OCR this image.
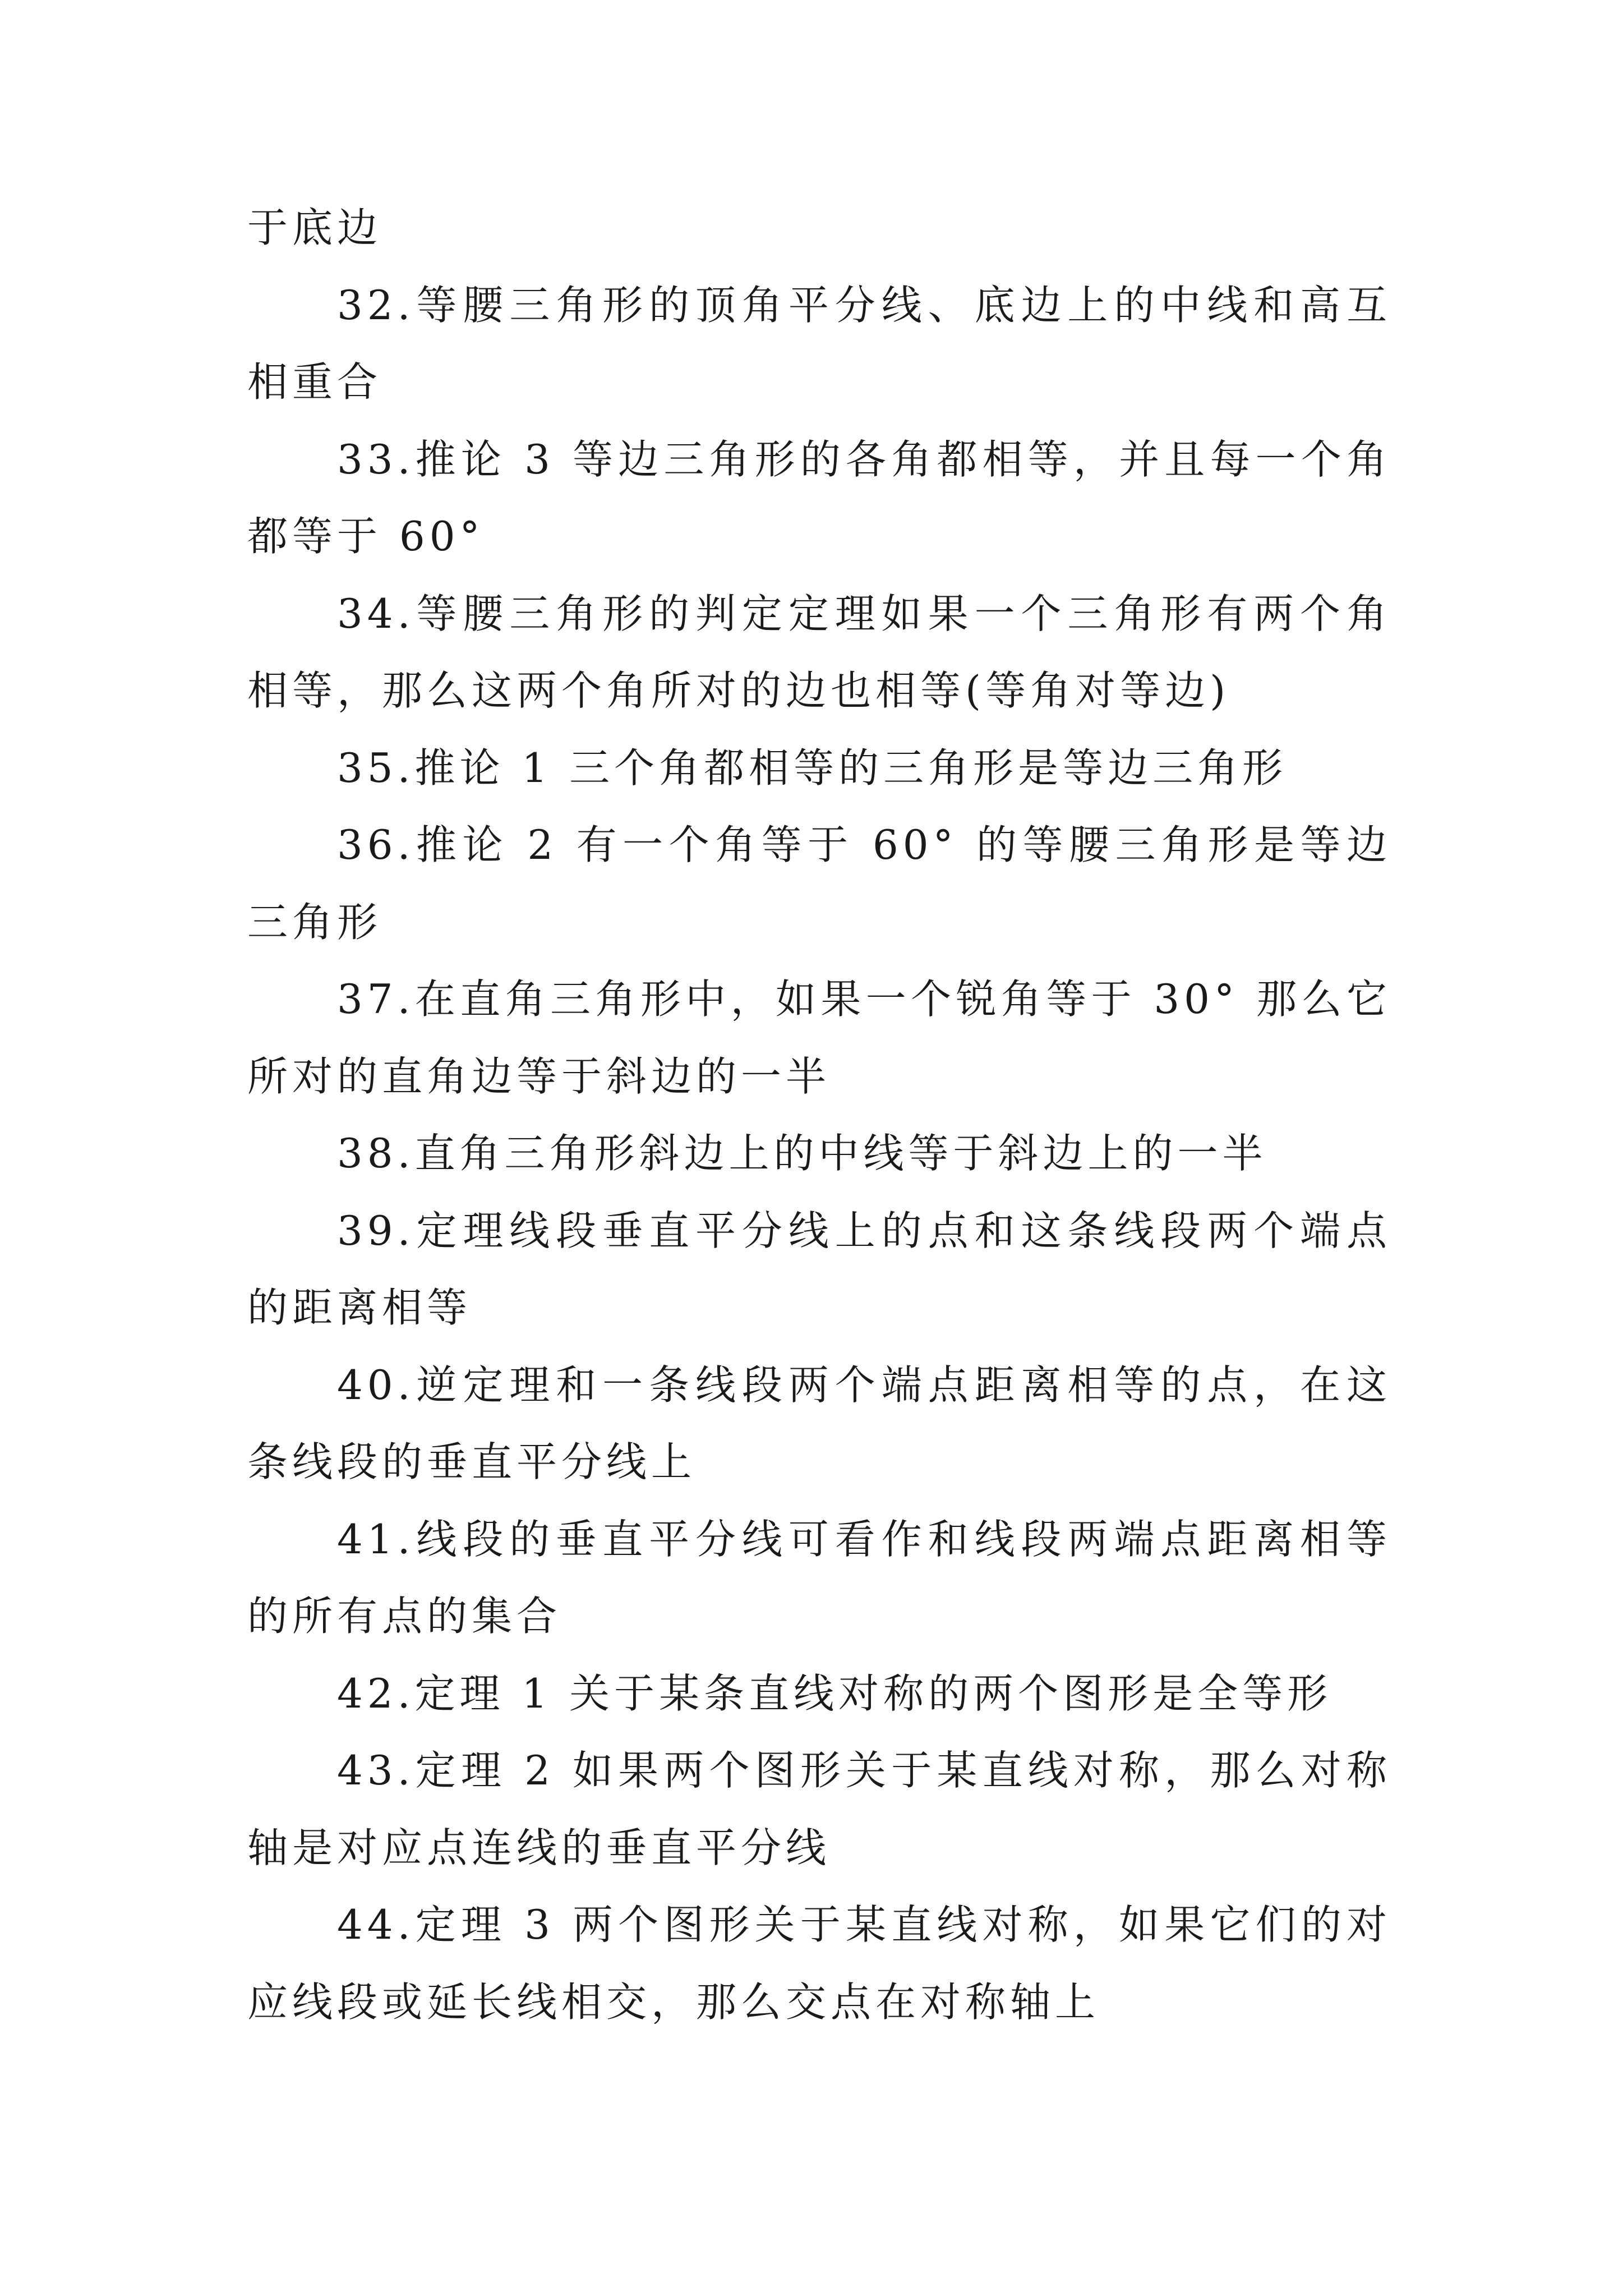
于底边

32.等腰三角形的顶角平分线、底边上的中线和高互相重合

33.推论 3 等边三角形的各角都相等，并且每一个角都等于 60°

34.等腰三角形的判定定理如果一个三角形有两个角相等，那么这两个角所对的边也相等(等角对等边)

35.推论 1 三个角都相等的三角形是等边三角形

36.推论 2 有一个角等于 60° 的等腰三角形是等边三角形

37.在直角三角形中，如果一个锐角等于 30° 那么它所对的直角边等于斜边的一半

38.直角三角形斜边上的中线等于斜边上的一半

39.定理线段垂直平分线上的点和这条线段两个端点的距离相等

40.逆定理和一条线段两个端点距离相等的点，在这条线段的垂直平分线上

41.线段的垂直平分线可看作和线段两端点距离相等的所有点的集合

42.定理 1 关于某条直线对称的两个图形是全等形

43.定理 2 如果两个图形关于某直线对称，那么对称轴是对应点连线的垂直平分线

44.定理 3 两个图形关于某直线对称，如果它们的对应线段或延长线相交，那么交点在对称轴上
